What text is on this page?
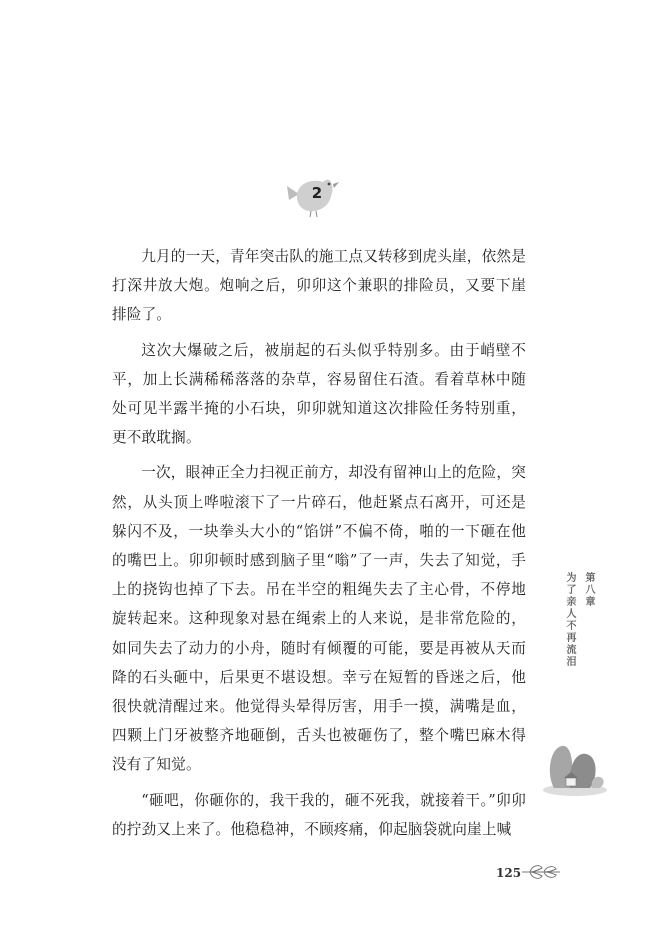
2

九月的一天，青年突击队的施工点又转移到虎头崖，依然是打深井放大炮。炮响之后，卯卯这个兼职的排险员，又要下崖排险了。

这次大爆破之后，被崩起的石头似乎特别多。由于峭壁不平，加上长满稀稀落落的杂草，容易留住石渣。看着草林中随处可见半露半掩的小石块，卯卯就知道这次排险任务特别重，更不敢耽搁。

一次，眼神正全力扫视正前方，却没有留神山上的危险，突然，从头顶上哗啦滚下了一片碎石，他赶紧点石离开，可还是躲闪不及，一块拳头大小的“馅饼”不偏不倚，啪的一下砸在他的嘴巴上。卯卯顿时感到脑子里“嗡”了一声，失去了知觉，手上的挠钩也掉了下去。吊在半空的粗绳失去了主心骨，不停地旋转起来。这种现象对悬在绳索上的人来说，是非常危险的，如同失去了动力的小舟，随时有倾覆的可能，要是再被从天而降的石头砸中，后果更不堪设想。幸亏在短暂的昏迷之后，他很快就清醒过来。他觉得头晕得厉害，用手一摸，满嘴是血，四颗上门牙被整齐地砸倒，舌头也被砸伤了，整个嘴巴麻木得没有了知觉。

“砸吧，你砸你的，我干我的，砸不死我，就接着干。”卯卯的拧劲又上来了。他稳稳神，不顾疼痛，仰起脑袋就向崖上喊

为了亲人不再流泪 第八章
125
